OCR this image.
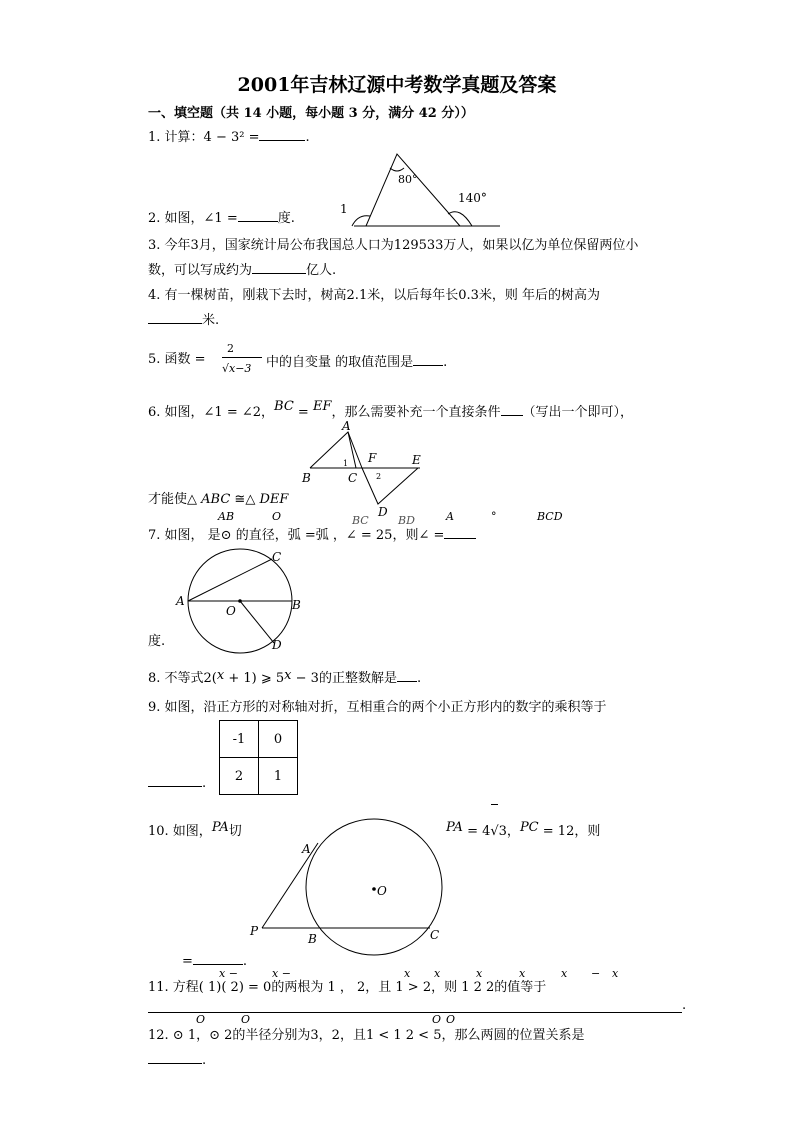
2001年吉林辽源中考数学真题及答案
一、填空题（共 14 小题，每小题 3 分，满分 42 分））
1. 计算：4 − 3² =	.
2. 如图，∠1 =	度.
80°
140°
1
3. 今年3月，国家统计局公布我国总人口为129533万人，如果以亿为单位保留两位小
数，可以写成约为	亿人.
4. 有一棵树苗，刚栽下去时，树高2.1米，以后每年长0.3米，则 年后的树高为
米.
5. 函数 =
2
√x−3 中的自变量 的取值范围是 .
6. 如图，∠1 = ∠2，BC = EF，那么需要补充一个直接条件 （写出一个即可），
A
B	C
F	E
D
1
2
才能使△ ABC ≅△ DEF
AB	O	BC	BD	A	°	BCD
7. 如图， 是⊙ 的直径，弧 =弧 ，∠ = 25，则∠ =
A	B
C
D
O
度.
8. 不等式2(x + 1) ⩾ 5x − 3的正整数解是 .
9. 如图，沿正方形的对称轴对折，互相重合的两个小正方形内的数字的乘积等于
-1	0
2	1
.
10. 如图，PA切	PA = 4√3，PC = 12，则
A
P
B	C
O
=	.
x −	x −	x x	x	x	x − x
11. 方程( 1)( 2) = 0的两根为 1 ， 2，且 1 > 2，则 1 2 2的值等于
.
O	O	O O
12. ⊙ 1，⊙ 2的半径分别为3，2，且1 < 1 2 < 5，那么两圆的位置关系是
.
